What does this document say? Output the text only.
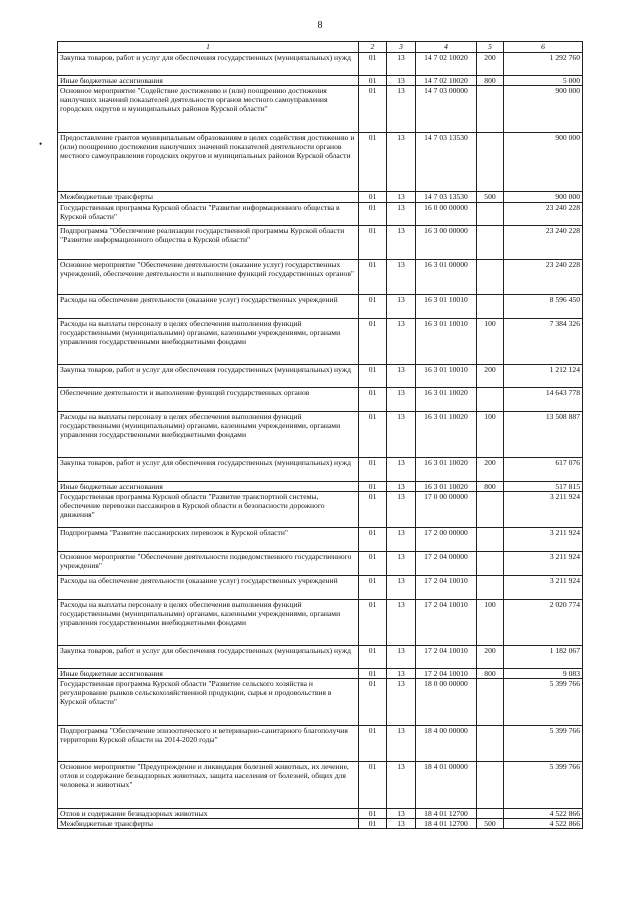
8
•
1	2	3	4	5	6
Закупка товаров, работ и услуг для обеспечения государственных (муниципальных) нужд	01	13	14 7 02 10020	200	1 292 760
Иные бюджетные ассигнования	01	13	14 7 02 10020	800	5 000
Основное мероприятие "Содействие достижению и (или) поощрению достижения наилучших значений показателей деятельности органов местного самоуправления городских округов и муниципальных районов Курской области"	01	13	14 7 03 00000		900 000
Предоставление грантов муниципальным образованиям в целях содействия достижению и (или) поощрению достижения наилучших значений показателей деятельности органов местного самоуправления городских округов и муниципальных районов Курской области	01	13	14 7 03 13530		900 000
Межбюджетные трансферты	01	13	14 7 03 13530	500	900 000
Государственная программа Курской области "Развитие информационного общества в Курской области"	01	13	16 0 00 00000		23 240 228
Подпрограмма "Обеспечение реализации государственной программы Курской области "Развитие информационного общества в Курской области"	01	13	16 3 00 00000		23 240 228
Основное мероприятие "Обеспечение деятельности (оказание услуг) государственных учреждений, обеспечение деятельности и выполнение функций государственных органов"	01	13	16 3 01 00000		23 240 228
Расходы на обеспечение деятельности (оказание услуг) государственных учреждений	01	13	16 3 01 10010		8 596 450
Расходы на выплаты персоналу в целях обеспечения выполнения функций государственными (муниципальными) органами, казенными учреждениями, органами управления государственными внебюджетными фондами	01	13	16 3 01 10010	100	7 384 326
Закупка товаров, работ и услуг для обеспечения государственных (муниципальных) нужд	01	13	16 3 01 10010	200	1 212 124
Обеспечение деятельности и выполнение функций государственных органов	01	13	16 3 01 10020		14 643 778
Расходы на выплаты персоналу в целях обеспечения выполнения функций государственными (муниципальными) органами, казенными учреждениями, органами управления государственными внебюджетными фондами	01	13	16 3 01 10020	100	13 508 887
Закупка товаров, работ и услуг для обеспечения государственных (муниципальных) нужд	01	13	16 3 01 10020	200	617 076
Иные бюджетные ассигнования	01	13	16 3 01 10020	800	517 815
Государственная программа Курской области "Развитие транспортной системы, обеспечение перевозки пассажиров в Курской области и безопасности дорожного движения"	01	13	17 0 00 00000		3 211 924
Подпрограмма "Развитие пассажирских перевозок в Курской области"	01	13	17 2 00 00000		3 211 924
Основное мероприятие "Обеспечение деятельности подведомственного государственного учреждения"	01	13	17 2 04 00000		3 211 924
Расходы на обеспечение деятельности (оказание услуг) государственных учреждений	01	13	17 2 04 10010		3 211 924
Расходы на выплаты персоналу в целях обеспечения выполнения функций государственными (муниципальными) органами, казенными учреждениями, органами управления государственными внебюджетными фондами	01	13	17 2 04 10010	100	2 020 774
Закупка товаров, работ и услуг для обеспечения государственных (муниципальных) нужд	01	13	17 2 04 10010	200	1 182 067
Иные бюджетные ассигнования	01	13	17 2 04 10010	800	9 083
Государственная программа Курской области "Развитие сельского хозяйства и регулирование рынков сельскохозяйственной продукции, сырья и продовольствия в Курской области"	01	13	18 0 00 00000		5 399 766
Подпрограмма "Обеспечение эпизоотического и ветеринарно-санитарного благополучия территории Курской области на 2014-2020 годы"	01	13	18 4 00 00000		5 399 766
Основное мероприятие "Предупреждение и ликвидация болезней животных, их лечение, отлов и содержание безнадзорных животных, защита населения от болезней, общих для человека и животных"	01	13	18 4 01 00000		5 399 766
Отлов и содержание безнадзорных животных	01	13	18 4 01 12700		4 522 866
Межбюджетные трансферты	01	13	18 4 01 12700	500	4 522 866
